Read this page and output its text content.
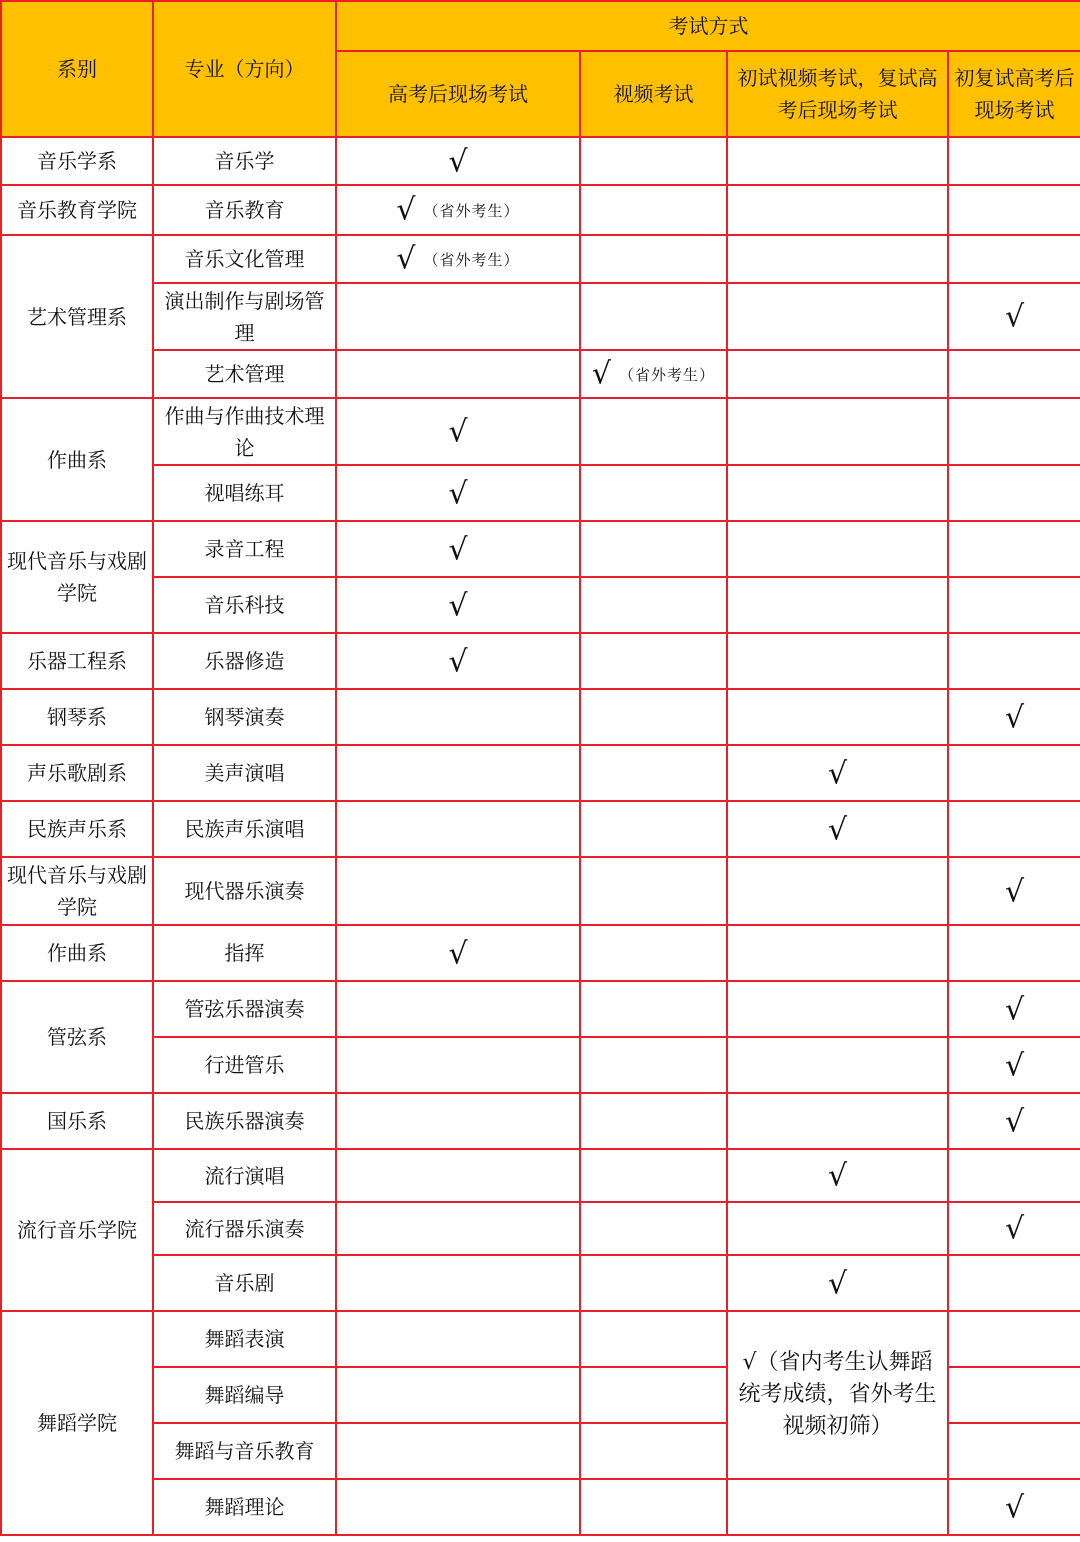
系别	专业（方向）	考试方式			
		高考后现场考试	视频考试	初试视频考试，复试高考后现场考试	初复试高考后现场考试
音乐学系	音乐学	√			
音乐教育学院	音乐教育	√ （省外考生）			
艺术管理系	音乐文化管理	√ （省外考生）			
	演出制作与剧场管理				√
	艺术管理		√ （省外考生）		
作曲系	作曲与作曲技术理论	√			
	视唱练耳	√			
现代音乐与戏剧学院	录音工程	√			
	音乐科技	√			
乐器工程系	乐器修造	√			
钢琴系	钢琴演奏				√
声乐歌剧系	美声演唱			√	
民族声乐系	民族声乐演唱			√	
现代音乐与戏剧学院	现代器乐演奏				√
作曲系	指挥	√			
管弦系	管弦乐器演奏				√
	行进管乐				√
国乐系	民族乐器演奏				√
流行音乐学院	流行演唱			√	
	流行器乐演奏				√
	音乐剧			√	
舞蹈学院	舞蹈表演			√（省内考生认舞蹈统考成绩，省外考生视频初筛）	
	舞蹈编导				
	舞蹈与音乐教育				
	舞蹈理论				√
